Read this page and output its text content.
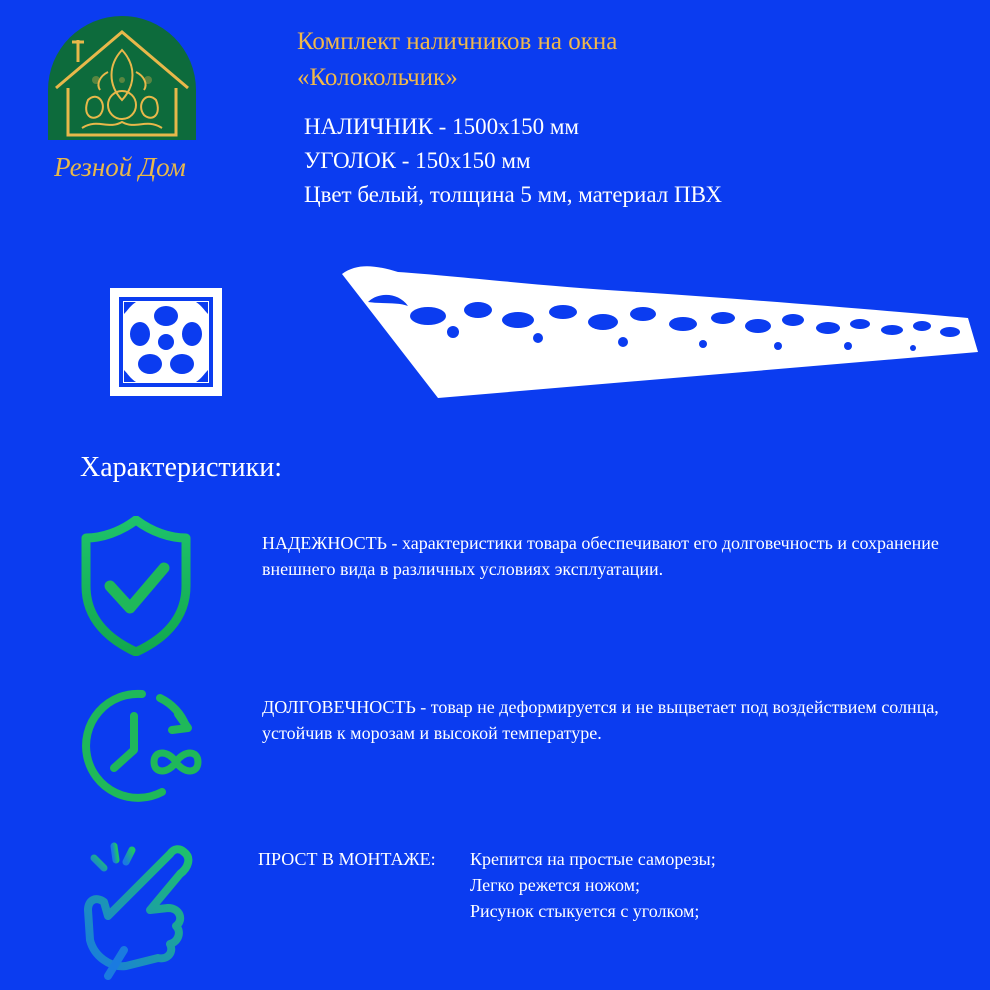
Резной Дом
Комплект наличников на окна
«Колокольчик»
НАЛИЧНИК - 1500х150 мм
УГОЛОК - 150х150 мм
Цвет белый, толщина 5 мм, материал ПВХ
Характеристики:
НАДЕЖНОСТЬ - характеристики товара обеспечивают его долговечность и сохранение внешнего вида в различных условиях эксплуатации.
ДОЛГОВЕЧНОСТЬ - товар не деформируется и не выцветает под воздействием солнца, устойчив к морозам и высокой температуре.
ПРОСТ В МОНТАЖЕ: Крепится на простые саморезы;
Легко режется ножом;
Рисунок стыкуется с уголком;
